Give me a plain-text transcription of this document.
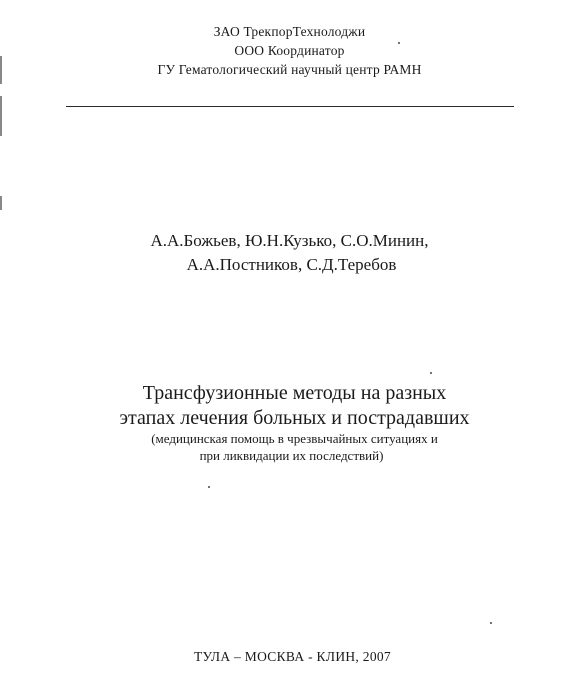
ЗАО ТрекпорТехнолоджи
ООО Координатор
ГУ Гематологический научный центр РАМН
А.А.Божьев, Ю.Н.Кузько, С.О.Минин,
А.А.Постников, С.Д.Теребов
Трансфузионные методы на разных
этапах лечения больных и пострадавших
(медицинская помощь в чрезвычайных ситуациях и
при ликвидации их последствий)
ТУЛА – МОСКВА - КЛИН, 2007
